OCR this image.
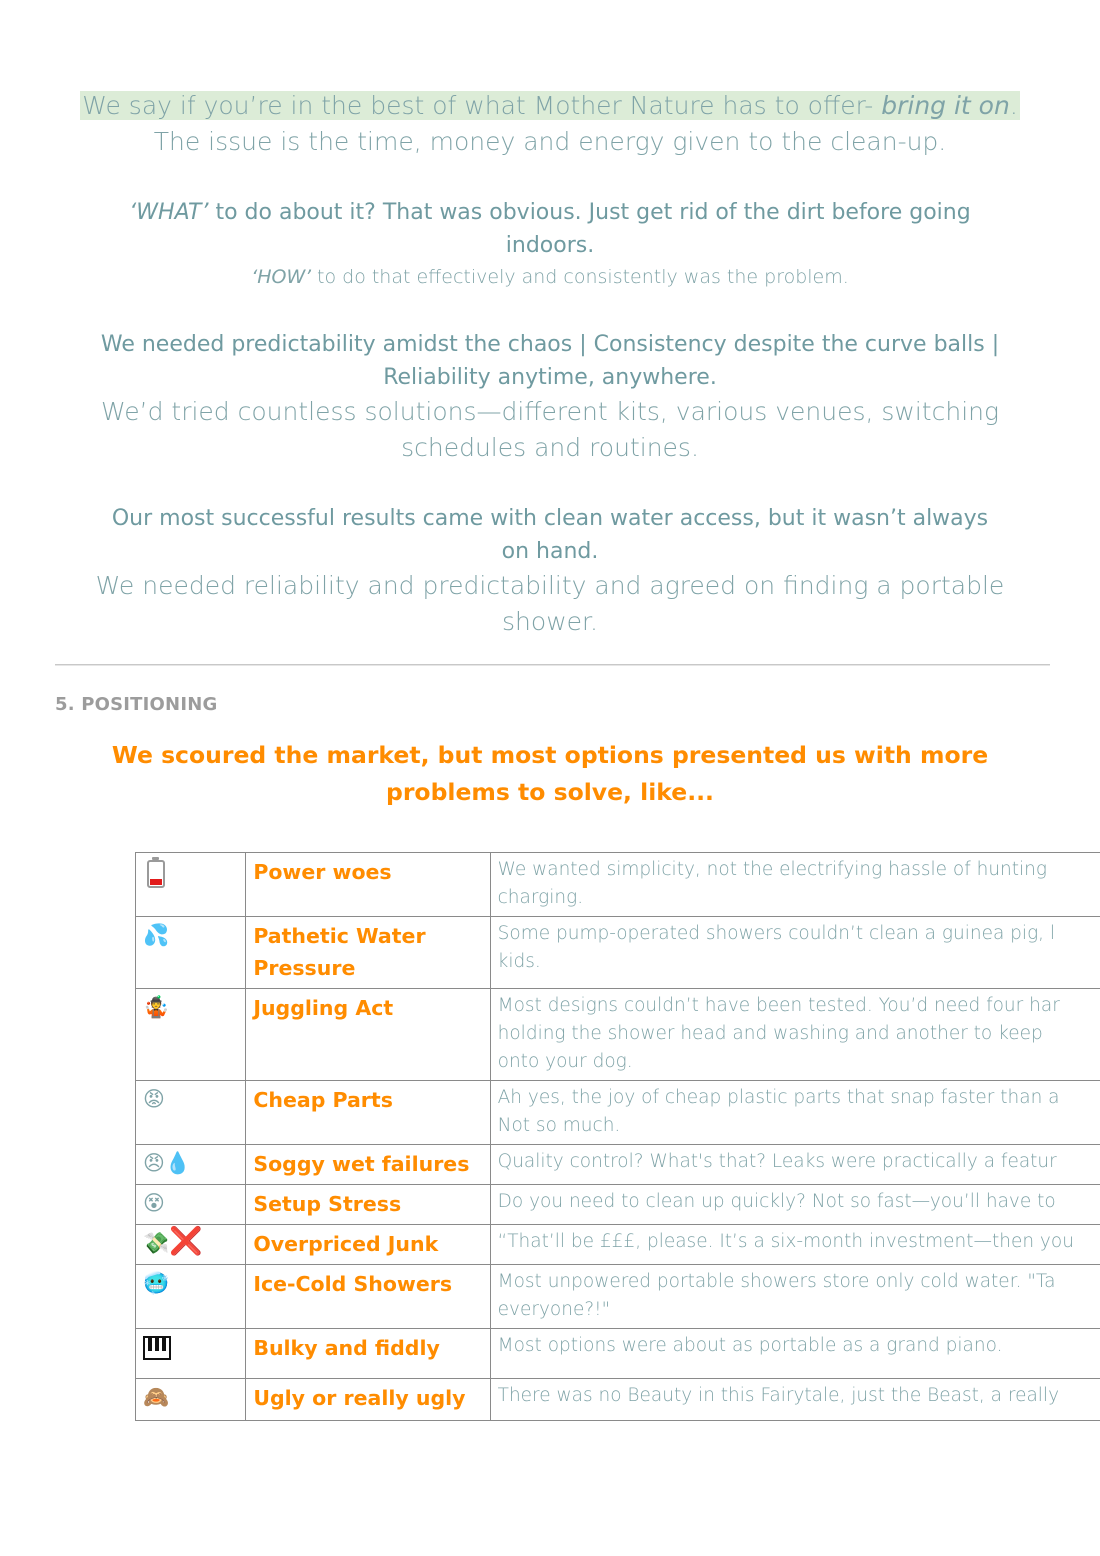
We say if you’re in the best of what Mother Nature has to offer- bring it on.

The issue is the time, money and energy given to the clean-up.

‘WHAT’ to do about it? That was obvious. Just get rid of the dirt before going

indoors.

‘HOW’ to do that effectively and consistently was the problem.

We needed predictability amidst the chaos | Consistency despite the curve balls |

Reliability anytime, anywhere.

We’d tried countless solutions—different kits, various venues, switching

schedules and routines.

Our most successful results came with clean water access, but it wasn’t always

on hand.

We needed reliability and predictability and agreed on finding a portable

shower.

5. POSITIONING
We scoured the market, but most options presented us with more
problems to solve, like...

	Power woes	We wanted simplicity, not the electrifying hassle of hunting
charging.

💦	Pathetic Water
Pressure	Some pump-operated showers couldn’t clean a guinea pig, l
kids.

🤹	Juggling Act	Most designs couldn’t have been tested. You’d need four har
holding the shower head and washing and another to keep
onto your dog.

😡	Cheap Parts	Ah yes, the joy of cheap plastic parts that snap faster than a
Not so much.

😠💧	Soggy wet failures	Quality control? What's that? Leaks were practically a featur

😵	Setup Stress	Do you need to clean up quickly? Not so fast—you’ll have to

💸❌	Overpriced Junk	“That’ll be £££, please. It’s a six-month investment—then you

🥶	Ice-Cold Showers	Most unpowered portable showers store only cold water. "Ta
everyone?!"

	Bulky and fiddly	Most options were about as portable as a grand piano.

🙈	Ugly or really ugly	There was no Beauty in this Fairytale, just the Beast, a really
